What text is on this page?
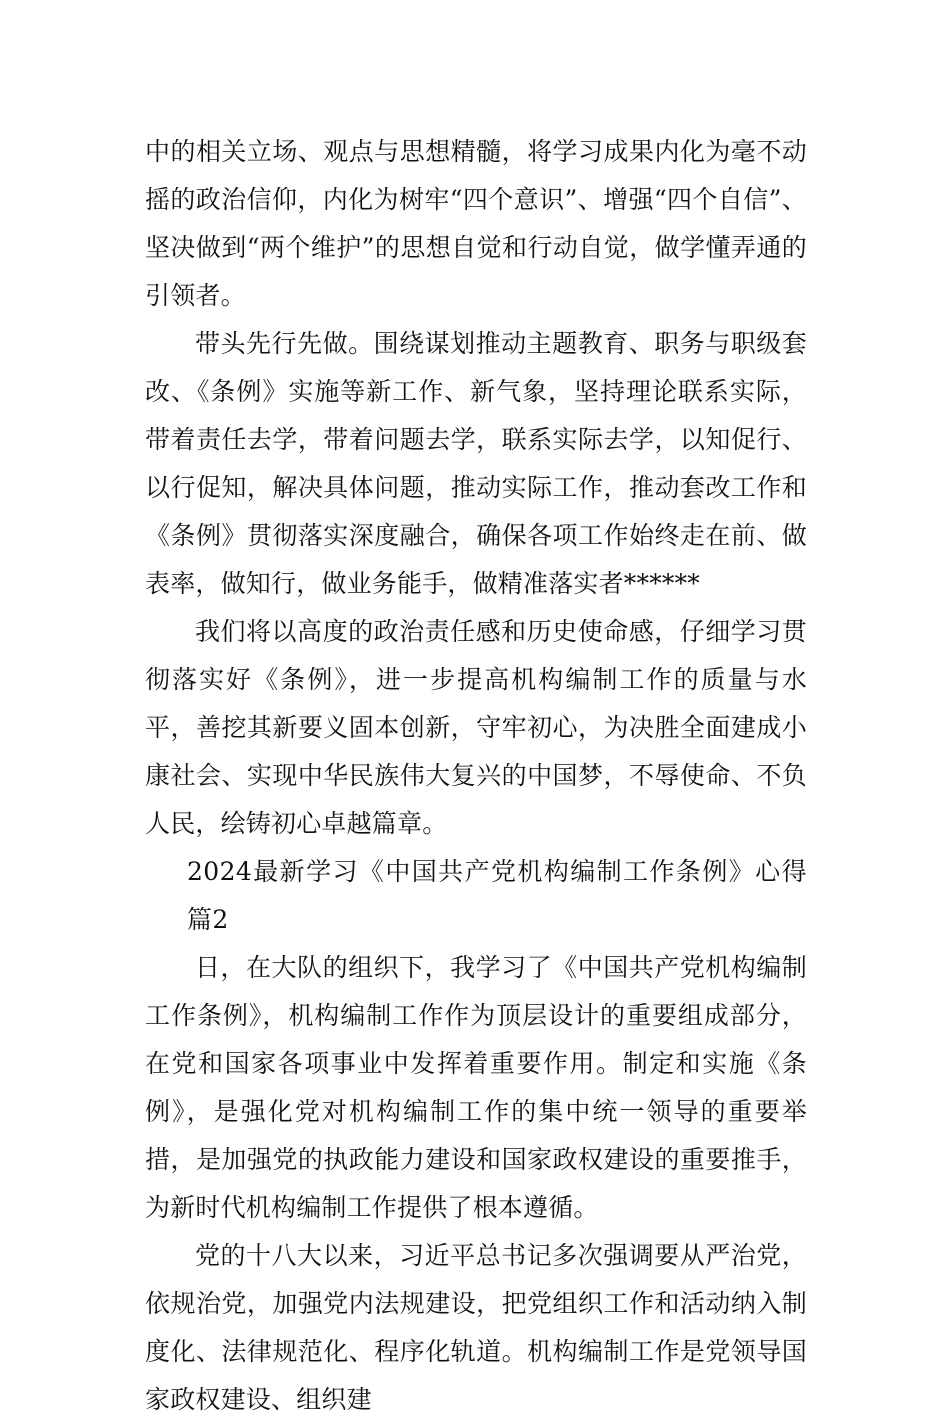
中的相关立场、观点与思想精髓，将学习成果内化为毫不动摇的政治信仰，内化为树牢“四个意识”、增强“四个自信”、坚决做到“两个维护”的思想自觉和行动自觉，做学懂弄通的引领者。

带头先行先做。围绕谋划推动主题教育、职务与职级套改、《条例》实施等新工作、新气象，坚持理论联系实际，带着责任去学，带着问题去学，联系实际去学，以知促行、以行促知，解决具体问题，推动实际工作，推动套改工作和《条例》贯彻落实深度融合，确保各项工作始终走在前、做表率，做知行，做业务能手，做精准落实者******

我们将以高度的政治责任感和历史使命感，仔细学习贯彻落实好《条例》，进一步提高机构编制工作的质量与水平，善挖其新要义固本创新，守牢初心，为决胜全面建成小康社会、实现中华民族伟大复兴的中国梦，不辱使命、不负人民，绘铸初心卓越篇章。

2024最新学习《中国共产党机构编制工作条例》心得  篇2

日，在大队的组织下，我学习了《中国共产党机构编制工作条例》，机构编制工作作为顶层设计的重要组成部分，在党和国家各项事业中发挥着重要作用。制定和实施《条例》，是强化党对机构编制工作的集中统一领导的重要举措，是加强党的执政能力建设和国家政权建设的重要推手，为新时代机构编制工作提供了根本遵循。

党的十八大以来，习近平总书记多次强调要从严治党，依规治党，加强党内法规建设，把党组织工作和活动纳入制度化、法律规范化、程序化轨道。机构编制工作是党领导国家政权建设、组织建
